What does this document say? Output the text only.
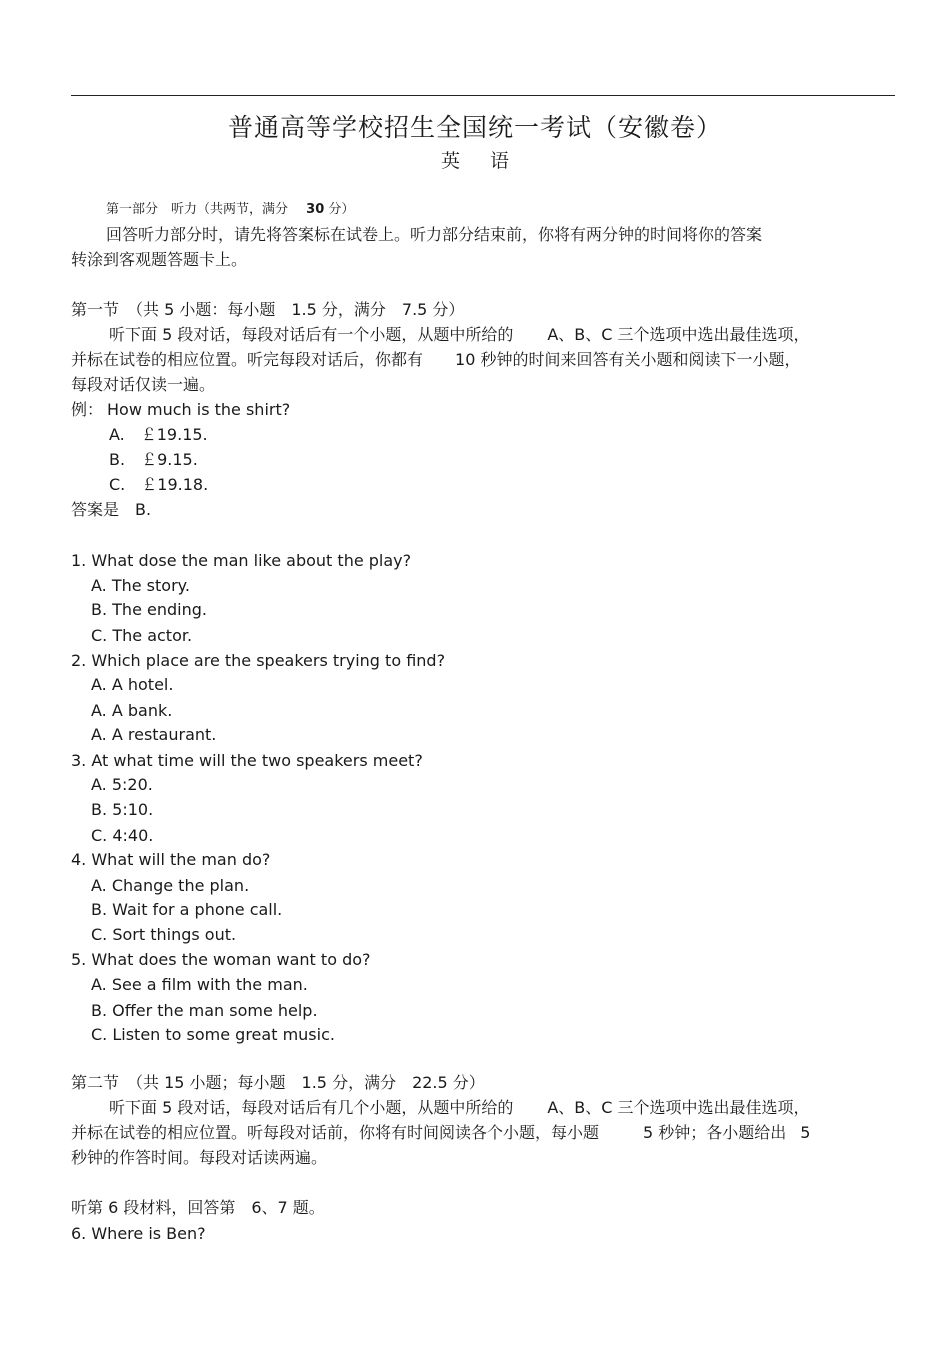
普通高等学校招生全国统一考试（安徽卷）
英 语
第一部分　听力（共两节，满分 30 分）
回答听力部分时，请先将答案标在试卷上。听力部分结束前，你将有两分钟的时间将你的答案
转涂到客观题答题卡上。
第一节　（共 5 小题：每小题　1.5 分，满分　7.5 分）
听下面 5 段对话，每段对话后有一个小题，从题中所给的 A、B、C 三个选项中选出最佳选项，
并标在试卷的相应位置。听完每段对话后，你都有 10 秒钟的时间来回答有关小题和阅读下一小题，
每段对话仅读一遍。
例： How much is the shirt?
A.　￡19.15.
B.　￡9.15.
C.　￡19.18.
答案是　B.
1. What dose the man like about the play?
A. The story.
B. The ending.
C. The actor.
2. Which place are the speakers trying to find?
A. A hotel.
A. A bank.
A. A restaurant.
3. At what time will the two speakers meet?
A. 5:20.
B. 5:10.
C. 4:40.
4. What will the man do?
A. Change the plan.
B. Wait for a phone call.
C. Sort things out.
5. What does the woman want to do?
A. See a film with the man.
B. Offer the man some help.
C. Listen to some great music.
第二节　（共 15 小题；每小题　1.5 分，满分　22.5 分）
听下面 5 段对话，每段对话后有几个小题，从题中所给的 A、B、C 三个选项中选出最佳选项，
并标在试卷的相应位置。听每段对话前，你将有时间阅读各个小题，每小题	5 秒钟；各小题给出 5
秒钟的作答时间。每段对话读两遍。
听第 6 段材料，回答第　6、7 题。
6. Where is Ben?
